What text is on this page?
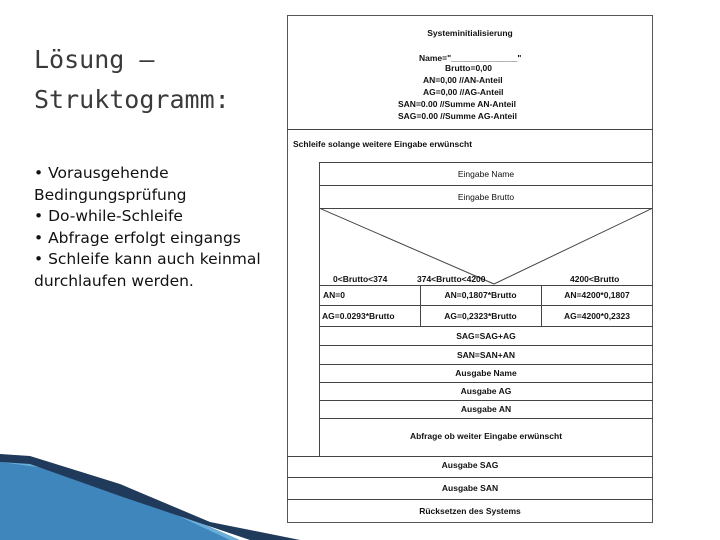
Lösung –
Struktogramm:
• Vorausgehende Bedingungsprüfung
• Do-while-Schleife
• Abfrage erfolgt eingangs
• Schleife kann auch keinmal durchlaufen werden.
Systeminitialisierung
Name="______________"
Brutto=0,00
AN=0,00 //AN-Anteil
AG=0,00 //AG-Anteil
SAN=0.00 //Summe AN-Anteil
SAG=0.00 //Summe AG-Anteil
Schleife solange weitere Eingabe erwünscht
Eingabe Name
Eingabe Brutto
0<Brutto<374	374<Brutto<4200	4200<Brutto
AN=0	AN=0,1807*Brutto	AN=4200*0,1807
AG=0.0293*Brutto	AG=0,2323*Brutto	AG=4200*0,2323
SAG=SAG+AG
SAN=SAN+AN
Ausgabe Name
Ausgabe AG
Ausgabe AN
Abfrage ob weiter Eingabe erwünscht
Ausgabe SAG
Ausgabe SAN
Rücksetzen des Systems
